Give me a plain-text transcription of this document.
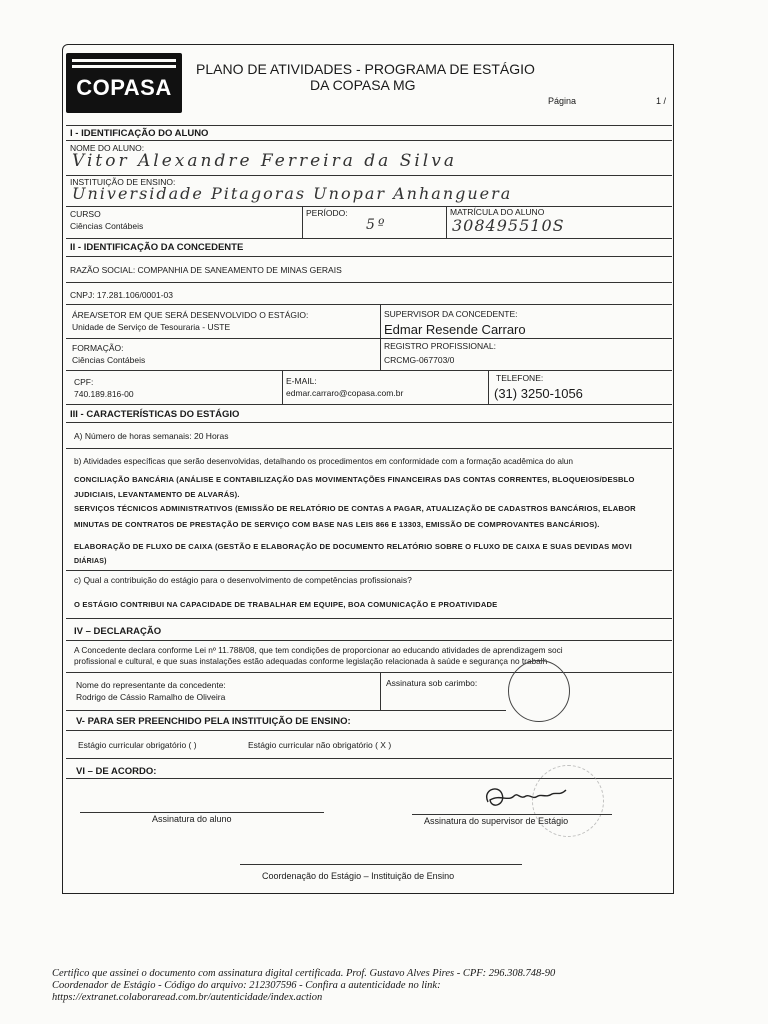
COPASA
PLANO DE ATIVIDADES - PROGRAMA DE ESTÁGIO
DA COPASA MG
Página	1 /
I - IDENTIFICAÇÃO DO ALUNO
NOME DO ALUNO:
Vitor Alexandre Ferreira da Silva
INSTITUIÇÃO DE ENSINO:
Universidade Pitagoras Unopar Anhanguera
CURSO
Ciências Contábeis
PERÍODO:
5º
MATRÍCULA DO ALUNO
308495510S
II - IDENTIFICAÇÃO DA CONCEDENTE
RAZÃO SOCIAL: COMPANHIA DE SANEAMENTO DE MINAS GERAIS
CNPJ: 17.281.106/0001-03
ÁREA/SETOR EM QUE SERÁ DESENVOLVIDO O ESTÁGIO:
Unidade de Serviço de Tesouraria - USTE
SUPERVISOR DA CONCEDENTE:
Edmar Resende Carraro
FORMAÇÃO:
Ciências Contábeis
REGISTRO PROFISSIONAL:
CRCMG-067703/0
CPF:
740.189.816-00
E-MAIL:
edmar.carraro@copasa.com.br
TELEFONE:
(31) 3250-1056
III - CARACTERÍSTICAS DO ESTÁGIO
A) Número de horas semanais: 20 Horas
b) Atividades específicas que serão desenvolvidas, detalhando os procedimentos em conformidade com a formação acadêmica do alun
CONCILIAÇÃO BANCÁRIA (ANÁLISE E CONTABILIZAÇÃO DAS MOVIMENTAÇÕES FINANCEIRAS DAS CONTAS CORRENTES, BLOQUEIOS/DESBLO
JUDICIAIS, LEVANTAMENTO DE ALVARÁS).
SERVIÇOS TÉCNICOS ADMINISTRATIVOS (EMISSÃO DE RELATÓRIO DE CONTAS A PAGAR, ATUALIZAÇÃO DE CADASTROS BANCÁRIOS, ELABOR
MINUTAS DE CONTRATOS DE PRESTAÇÃO DE SERVIÇO COM BASE NAS LEIS 866 E 13303, EMISSÃO DE COMPROVANTES BANCÁRIOS).
ELABORAÇÃO DE FLUXO DE CAIXA (GESTÃO E ELABORAÇÃO DE DOCUMENTO RELATÓRIO SOBRE O FLUXO DE CAIXA E SUAS DEVIDAS MOVI
DIÁRIAS)
c) Qual a contribuição do estágio para o desenvolvimento de competências profissionais?
O ESTÁGIO CONTRIBUI NA CAPACIDADE DE TRABALHAR EM EQUIPE, BOA COMUNICAÇÃO E PROATIVIDADE
IV – DECLARAÇÃO
A Concedente declara conforme Lei nº 11.788/08, que tem condições de proporcionar ao educando atividades de aprendizagem soci
profissional e cultural, e que suas instalações estão adequadas conforme legislação relacionada à saúde e segurança no trabalh
Nome do representante da concedente:
Rodrigo de Cássio Ramalho de Oliveira
Assinatura sob carimbo:
V- PARA SER PREENCHIDO PELA INSTITUIÇÃO DE ENSINO:
Estágio curricular obrigatório ( )	Estágio curricular não obrigatório ( X )
VI – DE ACORDO:
Assinatura do aluno	Assinatura do supervisor de Estágio
Coordenação do Estágio – Instituição de Ensino
Certifico que assinei o documento com assinatura digital certificada. Prof. Gustavo Alves Pires - CPF: 296.308.748-90
Coordenador de Estágio - Código do arquivo: 212307596 - Confira a autenticidade no link:
https://extranet.colaboraread.com.br/autenticidade/index.action
